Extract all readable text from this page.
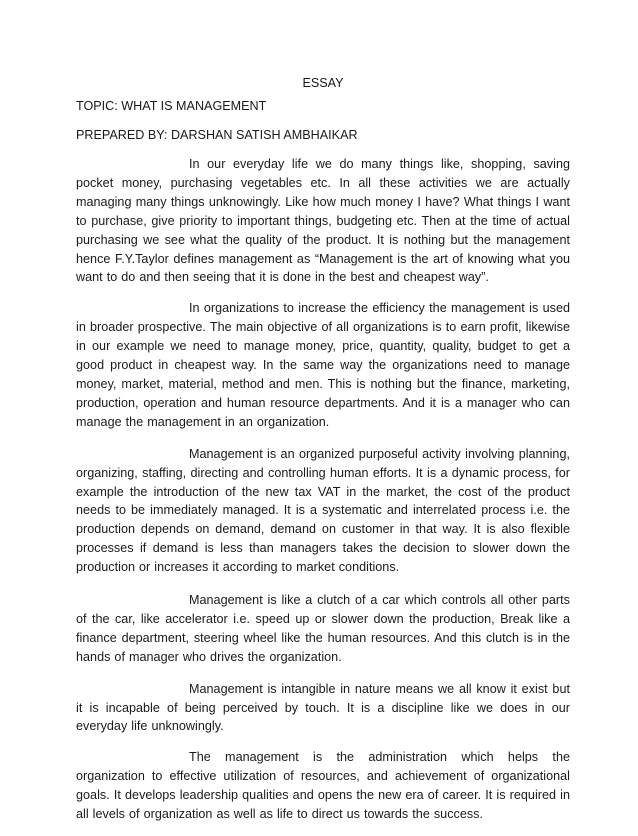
ESSAY
TOPIC: WHAT IS MANAGEMENT
PREPARED BY: DARSHAN SATISH AMBHAIKAR

In our everyday life we do many things like, shopping, saving pocket money, purchasing vegetables etc. In all these activities we are actually managing many things unknowingly. Like how much money I have? What things I want to purchase, give priority to important things, budgeting etc. Then at the time of actual purchasing we see what the quality of the product. It is nothing but the management hence F.Y.Taylor defines management as “Management is the art of knowing what you want to do and then seeing that it is done in the best and cheapest way”.

In organizations to increase the efficiency the management is used in broader prospective. The main objective of all organizations is to earn profit, likewise in our example we need to manage money, price, quantity, quality, budget to get a good product in cheapest way. In the same way the organizations need to manage money, market, material, method and men. This is nothing but the finance, marketing, production, operation and human resource departments. And it is a manager who can manage the management in an organization.

Management is an organized purposeful activity involving planning, organizing, staffing, directing and controlling human efforts. It is a dynamic process, for example the introduction of the new tax VAT in the market, the cost of the product needs to be immediately managed. It is a systematic and interrelated process i.e. the production depends on demand, demand on customer in that way. It is also flexible processes if demand is less than managers takes the decision to slower down the production or increases it according to market conditions.

Management is like a clutch of a car which controls all other parts of the car, like accelerator i.e. speed up or slower down the production, Break like a finance department, steering wheel like the human resources. And this clutch is in the hands of manager who drives the organization.

Management is intangible in nature means we all know it exist but it is incapable of being perceived by touch. It is a discipline like we does in our everyday life unknowingly.

The management is the administration which helps the organization to effective utilization of resources, and achievement of organizational goals. It develops leadership qualities and opens the new era of career. It is required in all levels of organization as well as life to direct us towards the success.
